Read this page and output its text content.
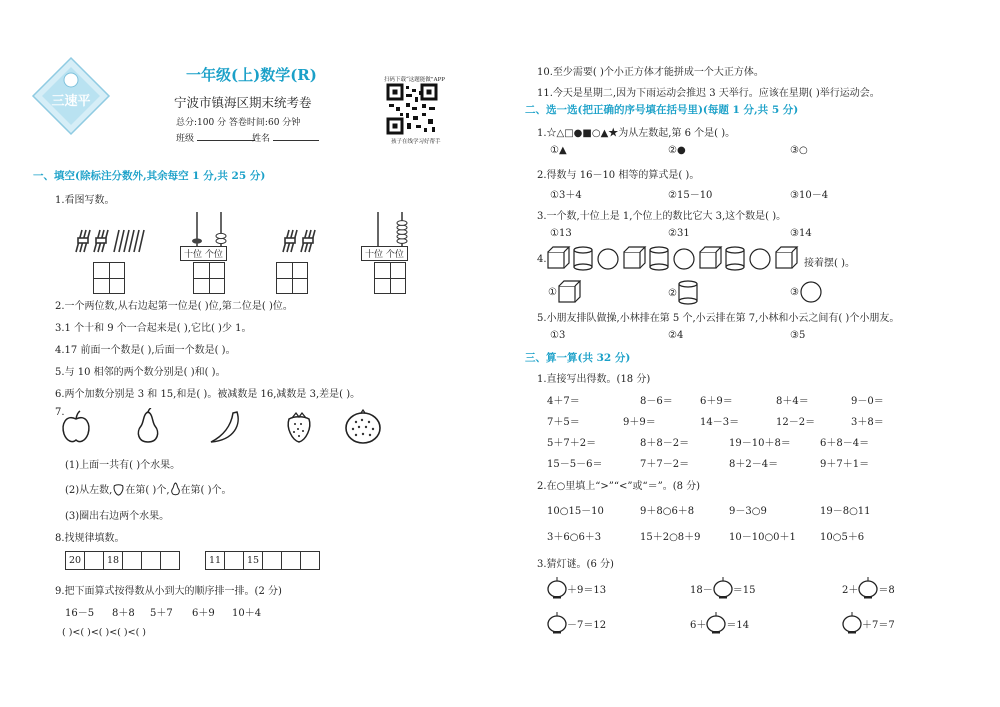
三速平
一年级(上)数学(R)
宁波市镇海区期末统考卷
总分:100 分 答卷时间:60 分钟
班级	姓名
扫码下载“这题能做”APP
孩子在线学习好帮手
一、填空(除标注分数外,其余每空 1 分,共 25 分)
1.看图写数。
十位 个位	十位 个位
2.一个两位数,从右边起第一位是( )位,第二位是( )位。
3.1 个十和 9 个一合起来是( ),它比( )少 1。
4.17 前面一个数是( ),后面一个数是( )。
5.与 10 相邻的两个数分别是( )和( )。
6.两个加数分别是 3 和 15,和是( )。被减数是 16,减数是 3,差是( )。
7.
(1)上面一共有( )个水果。
(2)从左数, 在第( )个, 在第( )个。
(3)圈出右边两个水果。
8.找规律填数。
20	18	11	15
9.把下面算式按得数从小到大的顺序排一排。(2 分)
16－5 8＋8 5＋7 6＋9 10＋4
( )<( )<( )<( )<( )
10.至少需要( )个小正方体才能拼成一个大正方体。
11.今天是星期二,因为下雨运动会推迟 3 天举行。应该在星期( )举行运动会。
二、选一选(把正确的序号填在括号里)(每题 1 分,共 5 分)
1.☆△□●■○▲★为从左数起,第 6 个是( )。
①▲	②●	③○
2.得数与 16－10 相等的算式是( )。
①3＋4	②15－10	③10－4
3.一个数,十位上是 1,个位上的数比它大 3,这个数是( )。
①13	②31	③14
4.	接着摆( )。
①	②	③
5.小朋友排队做操,小林排在第 5 个,小云排在第 7,小林和小云之间有( )个小朋友。
①3	②4	③5
三、算一算(共 32 分)
1.直接写出得数。(18 分)
4＋7＝	8－6＝	6＋9＝	8＋4＝	9－0＝
7＋5＝	9＋9＝	14－3＝	12－2＝	3＋8＝
5＋7＋2＝	8＋8－2＝	19－10＋8＝	6＋8－4＝
15－5－6＝	7＋7－2＝	8＋2－4＝	9＋7＋1＝
2.在○里填上“>”“<”或“＝”。(8 分)
10○15－10	9＋8○6＋8	9－3○9	19－8○11
3＋6○6＋3	15＋2○8＋9	10－10○0＋1 10○5＋6
3.猜灯谜。(6 分)
＋9＝13	18－ ＝15	2＋ ＝8
－7＝12	6＋ ＝14	＋7＝7
